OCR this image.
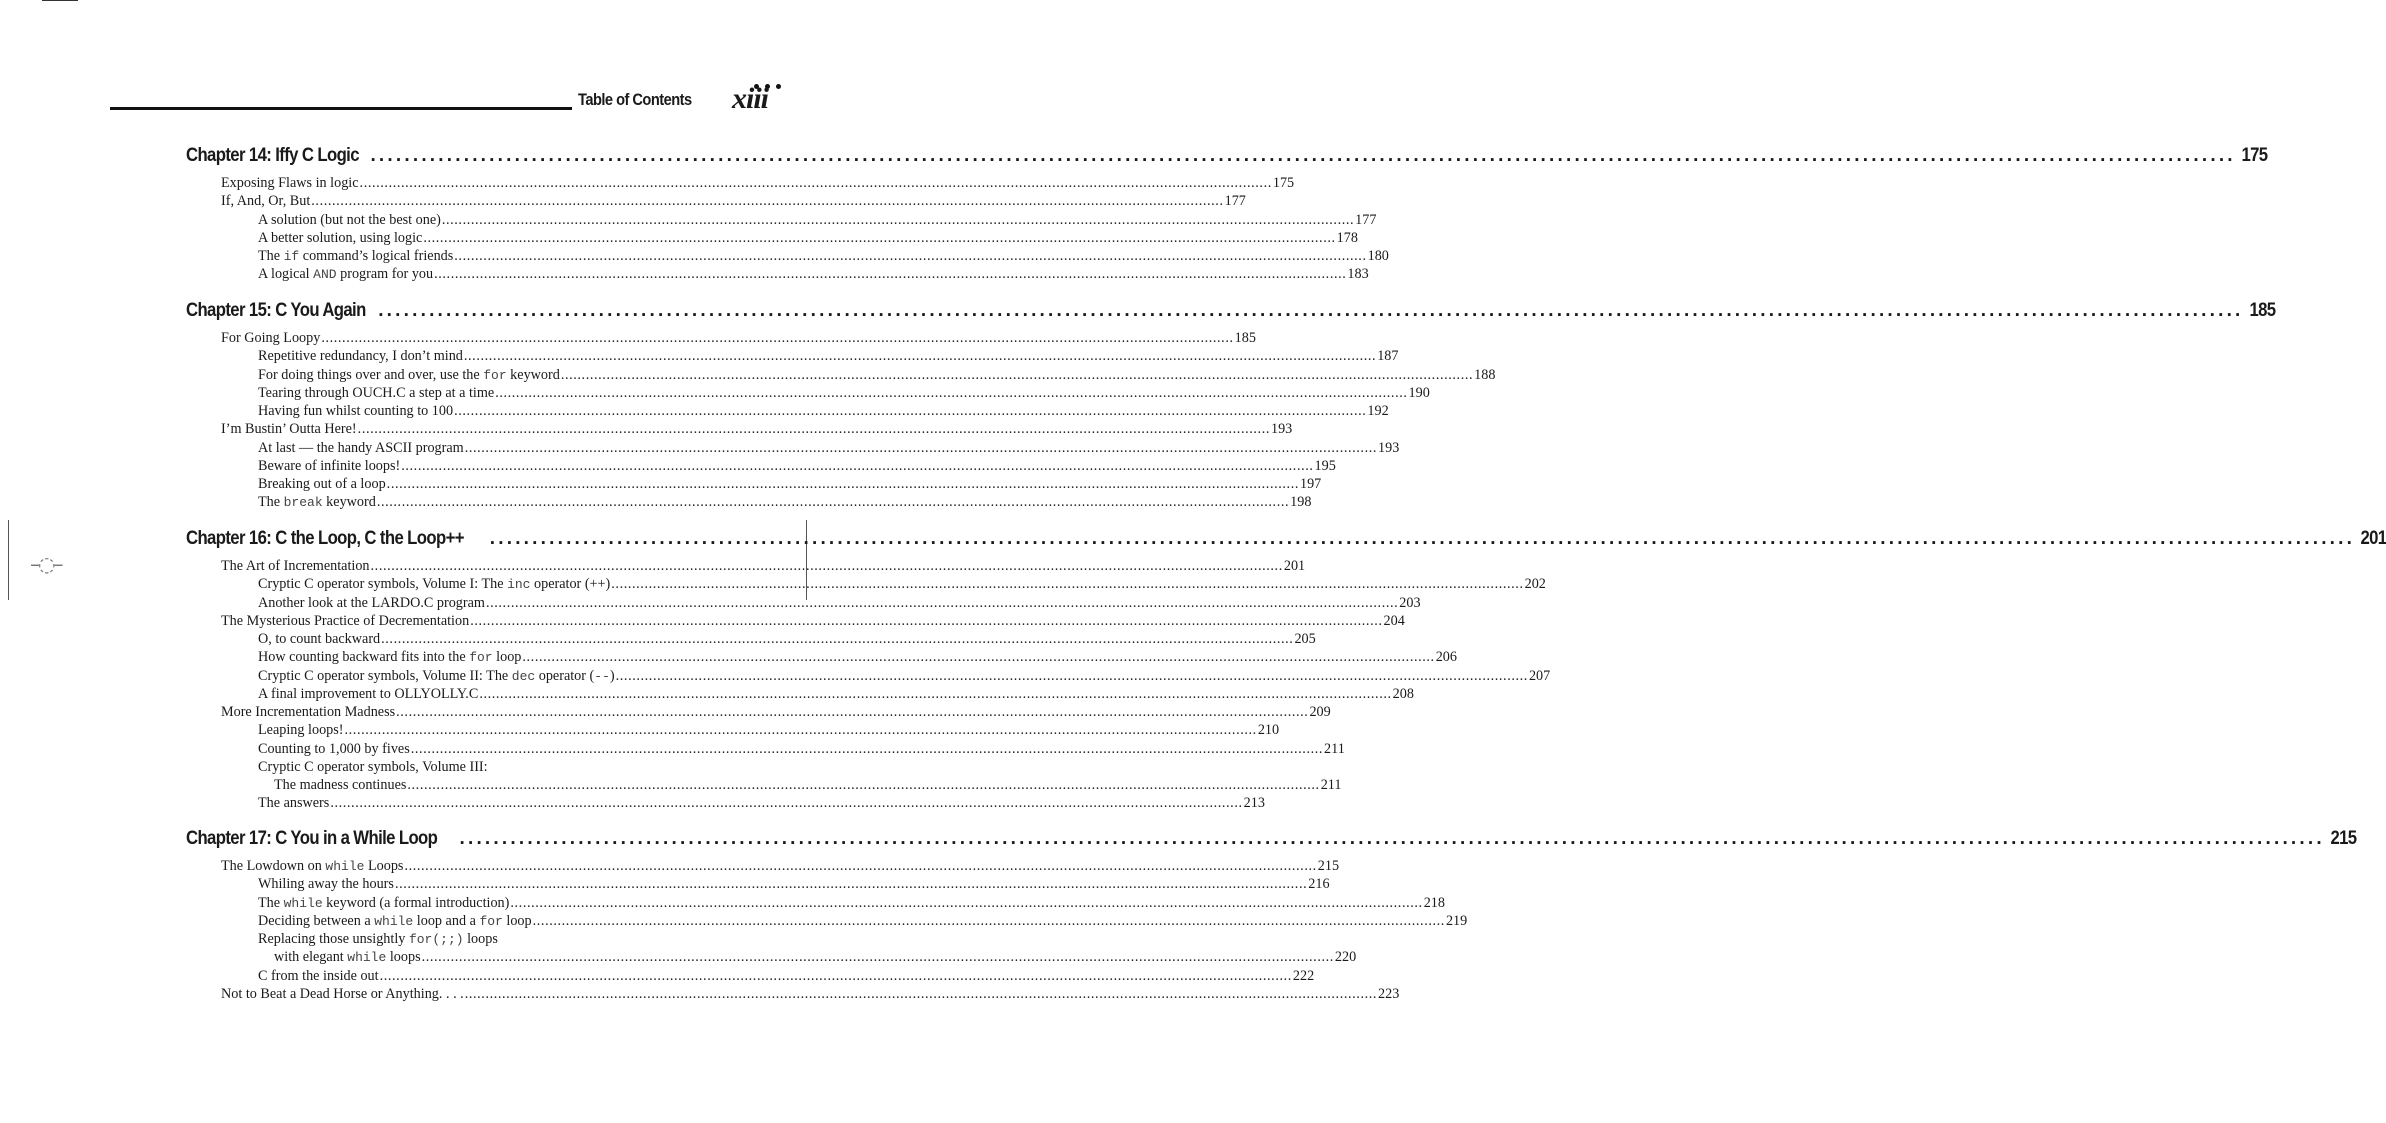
Table of Contents xiii
–◌–
Chapter 14: Iffy C Logic ............................................................................................................................................................................................................................ 175
Exposing Flaws in logic ............................................................................................................................................................................................................................ 175
If, And, Or, But ............................................................................................................................................................................................................................ 177
A solution (but not the best one) ............................................................................................................................................................................................................................ 177
A better solution, using logic ............................................................................................................................................................................................................................ 178
The if command’s logical friends ............................................................................................................................................................................................................................ 180
A logical AND program for you ............................................................................................................................................................................................................................ 183
Chapter 15: C You Again ............................................................................................................................................................................................................................ 185
For Going Loopy ............................................................................................................................................................................................................................ 185
Repetitive redundancy, I don’t mind ............................................................................................................................................................................................................................ 187
For doing things over and over, use the for keyword ............................................................................................................................................................................................................................ 188
Tearing through OUCH.C a step at a time ............................................................................................................................................................................................................................ 190
Having fun whilst counting to 100 ............................................................................................................................................................................................................................ 192
I’m Bustin’ Outta Here! ............................................................................................................................................................................................................................ 193
At last — the handy ASCII program ............................................................................................................................................................................................................................ 193
Beware of infinite loops! ............................................................................................................................................................................................................................ 195
Breaking out of a loop ............................................................................................................................................................................................................................ 197
The break keyword ............................................................................................................................................................................................................................ 198
Chapter 16: C the Loop, C the Loop++ ............................................................................................................................................................................................................................ 201
The Art of Incrementation ............................................................................................................................................................................................................................ 201
Cryptic C operator symbols, Volume I: The inc operator (++) ............................................................................................................................................................................................................................ 202
Another look at the LARDO.C program ............................................................................................................................................................................................................................ 203
The Mysterious Practice of Decrementation ............................................................................................................................................................................................................................ 204
O, to count backward ............................................................................................................................................................................................................................ 205
How counting backward fits into the for loop ............................................................................................................................................................................................................................ 206
Cryptic C operator symbols, Volume II: The dec operator (--) ............................................................................................................................................................................................................................ 207
A final improvement to OLLYOLLY.C ............................................................................................................................................................................................................................ 208
More Incrementation Madness ............................................................................................................................................................................................................................ 209
Leaping loops! ............................................................................................................................................................................................................................ 210
Counting to 1,000 by fives ............................................................................................................................................................................................................................ 211
Cryptic C operator symbols, Volume III:
The madness continues ............................................................................................................................................................................................................................ 211
The answers ............................................................................................................................................................................................................................ 213
Chapter 17: C You in a While Loop ............................................................................................................................................................................................................................ 215
The Lowdown on while Loops ............................................................................................................................................................................................................................ 215
Whiling away the hours ............................................................................................................................................................................................................................ 216
The while keyword (a formal introduction) ............................................................................................................................................................................................................................ 218
Deciding between a while loop and a for loop ............................................................................................................................................................................................................................ 219
Replacing those unsightly for(;;) loops
with elegant while loops ............................................................................................................................................................................................................................ 220
C from the inside out ............................................................................................................................................................................................................................ 222
Not to Beat a Dead Horse or Anything. . . . ............................................................................................................................................................................................................................ 223
